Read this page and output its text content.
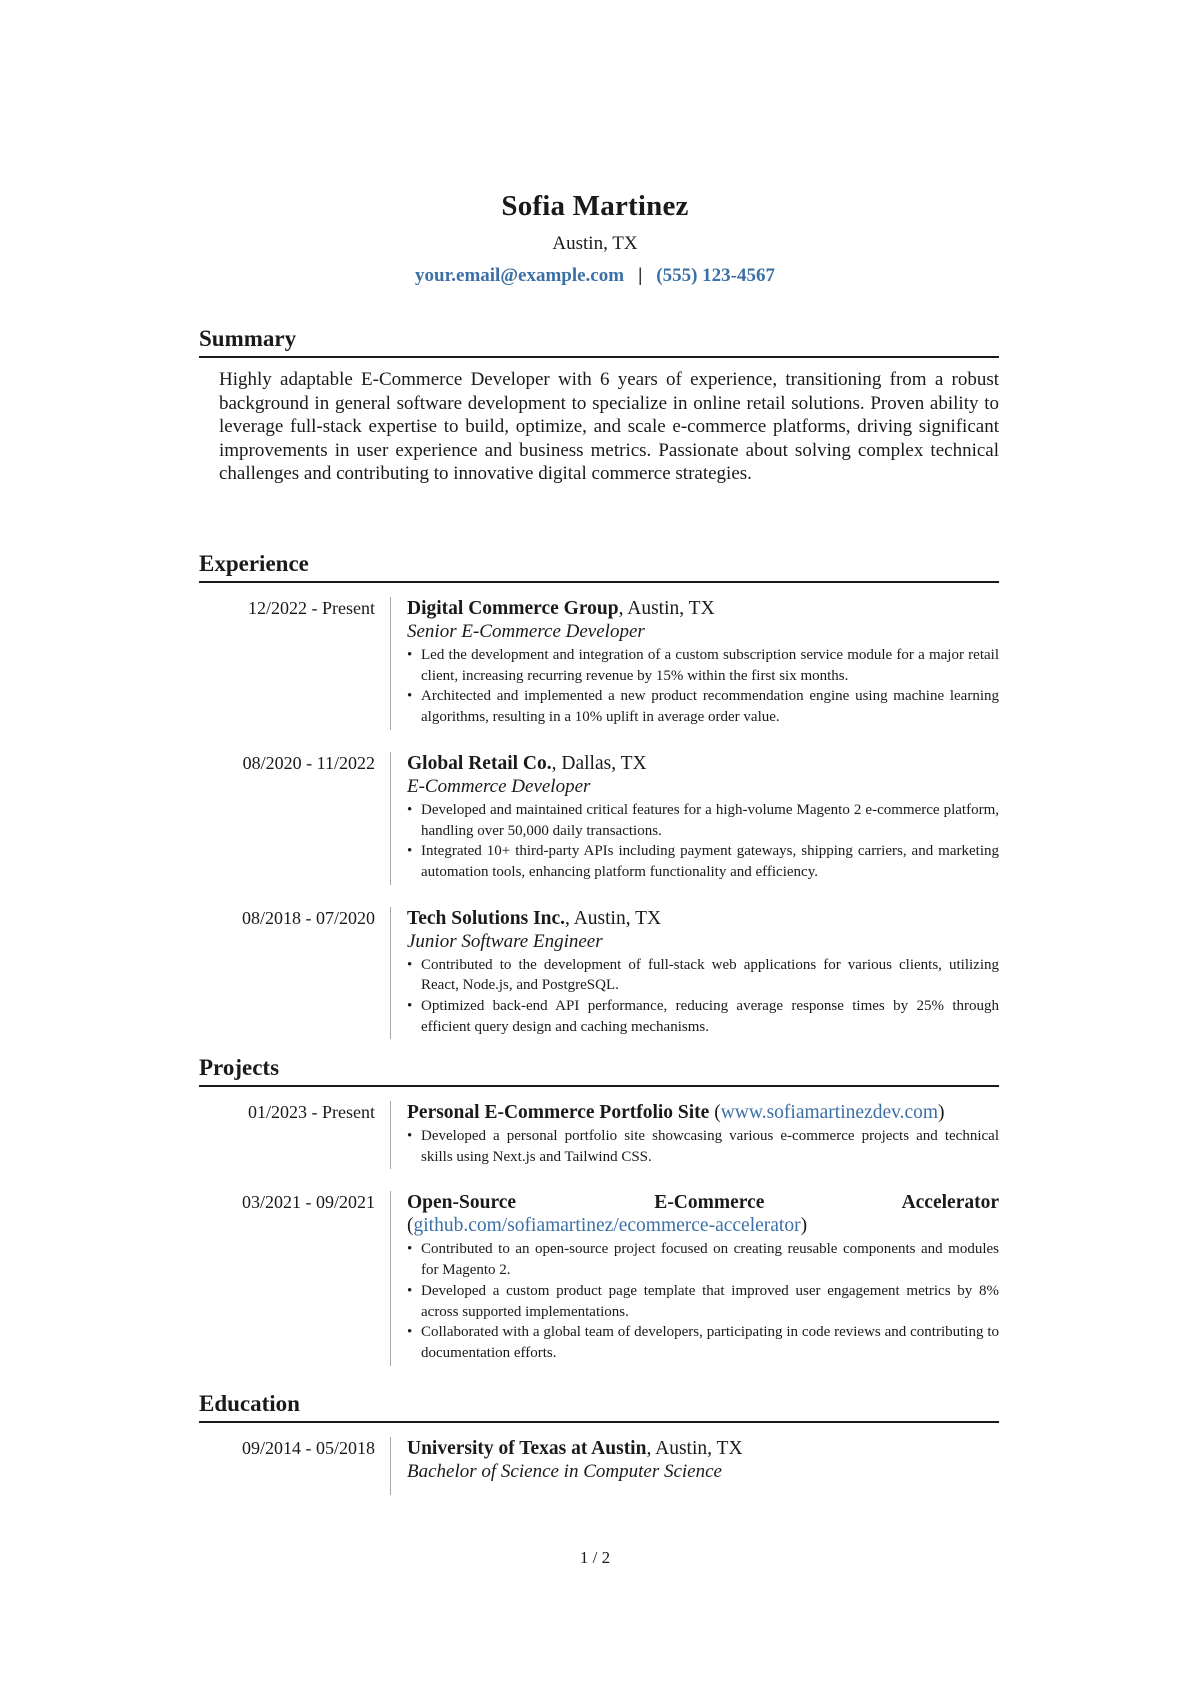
Sofia Martinez
Austin, TX
your.email@example.com | (555) 123-4567
Summary
Highly adaptable E-Commerce Developer with 6 years of experience, transitioning from a robust background in general software development to specialize in online retail solutions. Proven ability to leverage full-stack expertise to build, optimize, and scale e-commerce platforms, driving significant improvements in user experience and business metrics. Passionate about solving complex technical challenges and contributing to innovative digital commerce strategies.
Experience
12/2022 - Present Digital Commerce Group, Austin, TX
Senior E-Commerce Developer
• Led the development and integration of a custom subscription service module for a major retail client, increasing recurring revenue by 15% within the first six months.
• Architected and implemented a new product recommendation engine using machine learning algorithms, resulting in a 10% uplift in average order value.
08/2020 - 11/2022 Global Retail Co., Dallas, TX
E-Commerce Developer
• Developed and maintained critical features for a high-volume Magento 2 e-commerce platform, handling over 50,000 daily transactions.
• Integrated 10+ third-party APIs including payment gateways, shipping carriers, and marketing automation tools, enhancing platform functionality and efficiency.
08/2018 - 07/2020 Tech Solutions Inc., Austin, TX
Junior Software Engineer
• Contributed to the development of full-stack web applications for various clients, utilizing React, Node.js, and PostgreSQL.
• Optimized back-end API performance, reducing average response times by 25% through efficient query design and caching mechanisms.
Projects
01/2023 - Present Personal E-Commerce Portfolio Site (www.sofiamartinezdev.com)
• Developed a personal portfolio site showcasing various e-commerce projects and technical skills using Next.js and Tailwind CSS.
03/2021 - 09/2021 Open-Source E-Commerce Accelerator (github.com/sofiamartinez/ecommerce-accelerator)
• Contributed to an open-source project focused on creating reusable components and modules for Magento 2.
• Developed a custom product page template that improved user engagement metrics by 8% across supported implementations.
• Collaborated with a global team of developers, participating in code reviews and contributing to documentation efforts.
Education
09/2014 - 05/2018 University of Texas at Austin, Austin, TX
Bachelor of Science in Computer Science
1 / 2
